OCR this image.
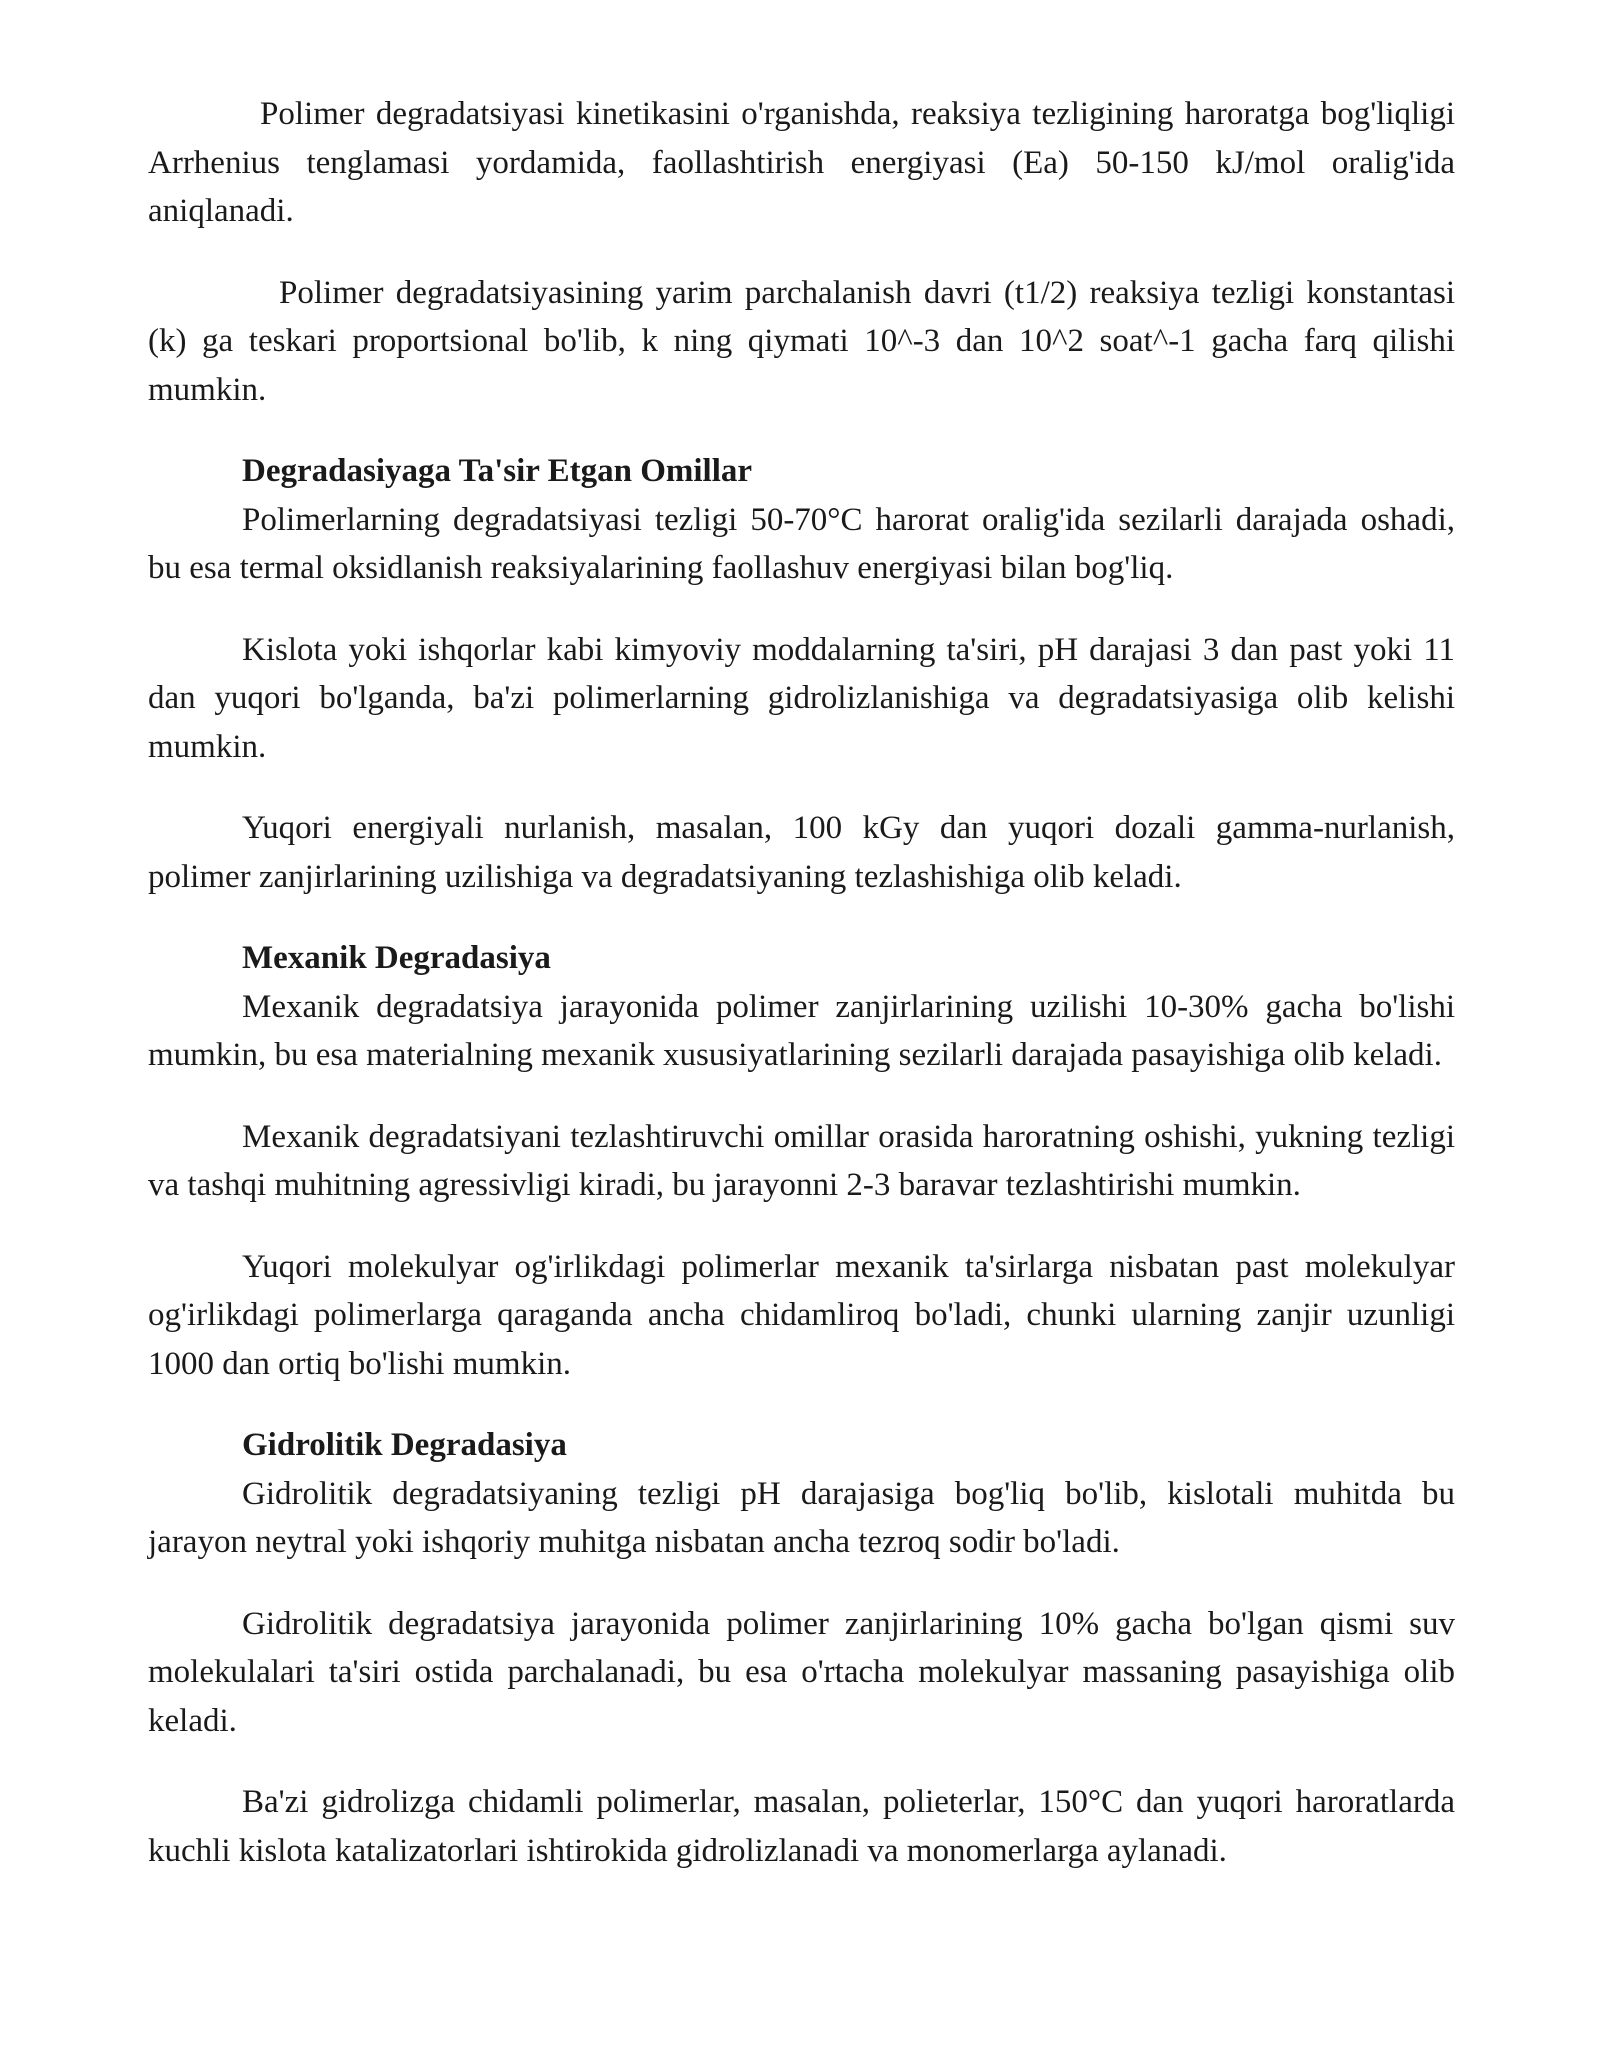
Polimer degradatsiyasi kinetikasini o'rganishda, reaksiya tezligining haroratga bog'liqligi Arrhenius tenglamasi yordamida, faollashtirish energiyasi (Ea) 50-150 kJ/mol oralig'ida aniqlanadi.

Polimer degradatsiyasining yarim parchalanish davri (t1/2) reaksiya tezligi konstantasi (k) ga teskari proportsional bo'lib, k ning qiymati 10^-3 dan 10^2 soat^-1 gacha farq qilishi mumkin.

Degradasiyaga Ta'sir Etgan Omillar

Polimerlarning degradatsiyasi tezligi 50-70°C harorat oralig'ida sezilarli darajada oshadi, bu esa termal oksidlanish reaksiyalarining faollashuv energiyasi bilan bog'liq.

Kislota yoki ishqorlar kabi kimyoviy moddalarning ta'siri, pH darajasi 3 dan past yoki 11 dan yuqori bo'lganda, ba'zi polimerlarning gidrolizlanishiga va degradatsiyasiga olib kelishi mumkin.

Yuqori energiyali nurlanish, masalan, 100 kGy dan yuqori dozali gamma-nurlanish, polimer zanjirlarining uzilishiga va degradatsiyaning tezlashishiga olib keladi.

Mexanik Degradasiya

Mexanik degradatsiya jarayonida polimer zanjirlarining uzilishi 10-30% gacha bo'lishi mumkin, bu esa materialning mexanik xususiyatlarining sezilarli darajada pasayishiga olib keladi.

Mexanik degradatsiyani tezlashtiruvchi omillar orasida haroratning oshishi, yukning tezligi va tashqi muhitning agressivligi kiradi, bu jarayonni 2-3 baravar tezlashtirishi mumkin.

Yuqori molekulyar og'irlikdagi polimerlar mexanik ta'sirlarga nisbatan past molekulyar og'irlikdagi polimerlarga qaraganda ancha chidamliroq bo'ladi, chunki ularning zanjir uzunligi 1000 dan ortiq bo'lishi mumkin.

Gidrolitik Degradasiya

Gidrolitik degradatsiyaning tezligi pH darajasiga bog'liq bo'lib, kislotali muhitda bu jarayon neytral yoki ishqoriy muhitga nisbatan ancha tezroq sodir bo'ladi.

Gidrolitik degradatsiya jarayonida polimer zanjirlarining 10% gacha bo'lgan qismi suv molekulalari ta'siri ostida parchalanadi, bu esa o'rtacha molekulyar massaning pasayishiga olib keladi.

Ba'zi gidrolizga chidamli polimerlar, masalan, polieterlar, 150°C dan yuqori haroratlarda kuchli kislota katalizatorlari ishtirokida gidrolizlanadi va monomerlarga aylanadi.
